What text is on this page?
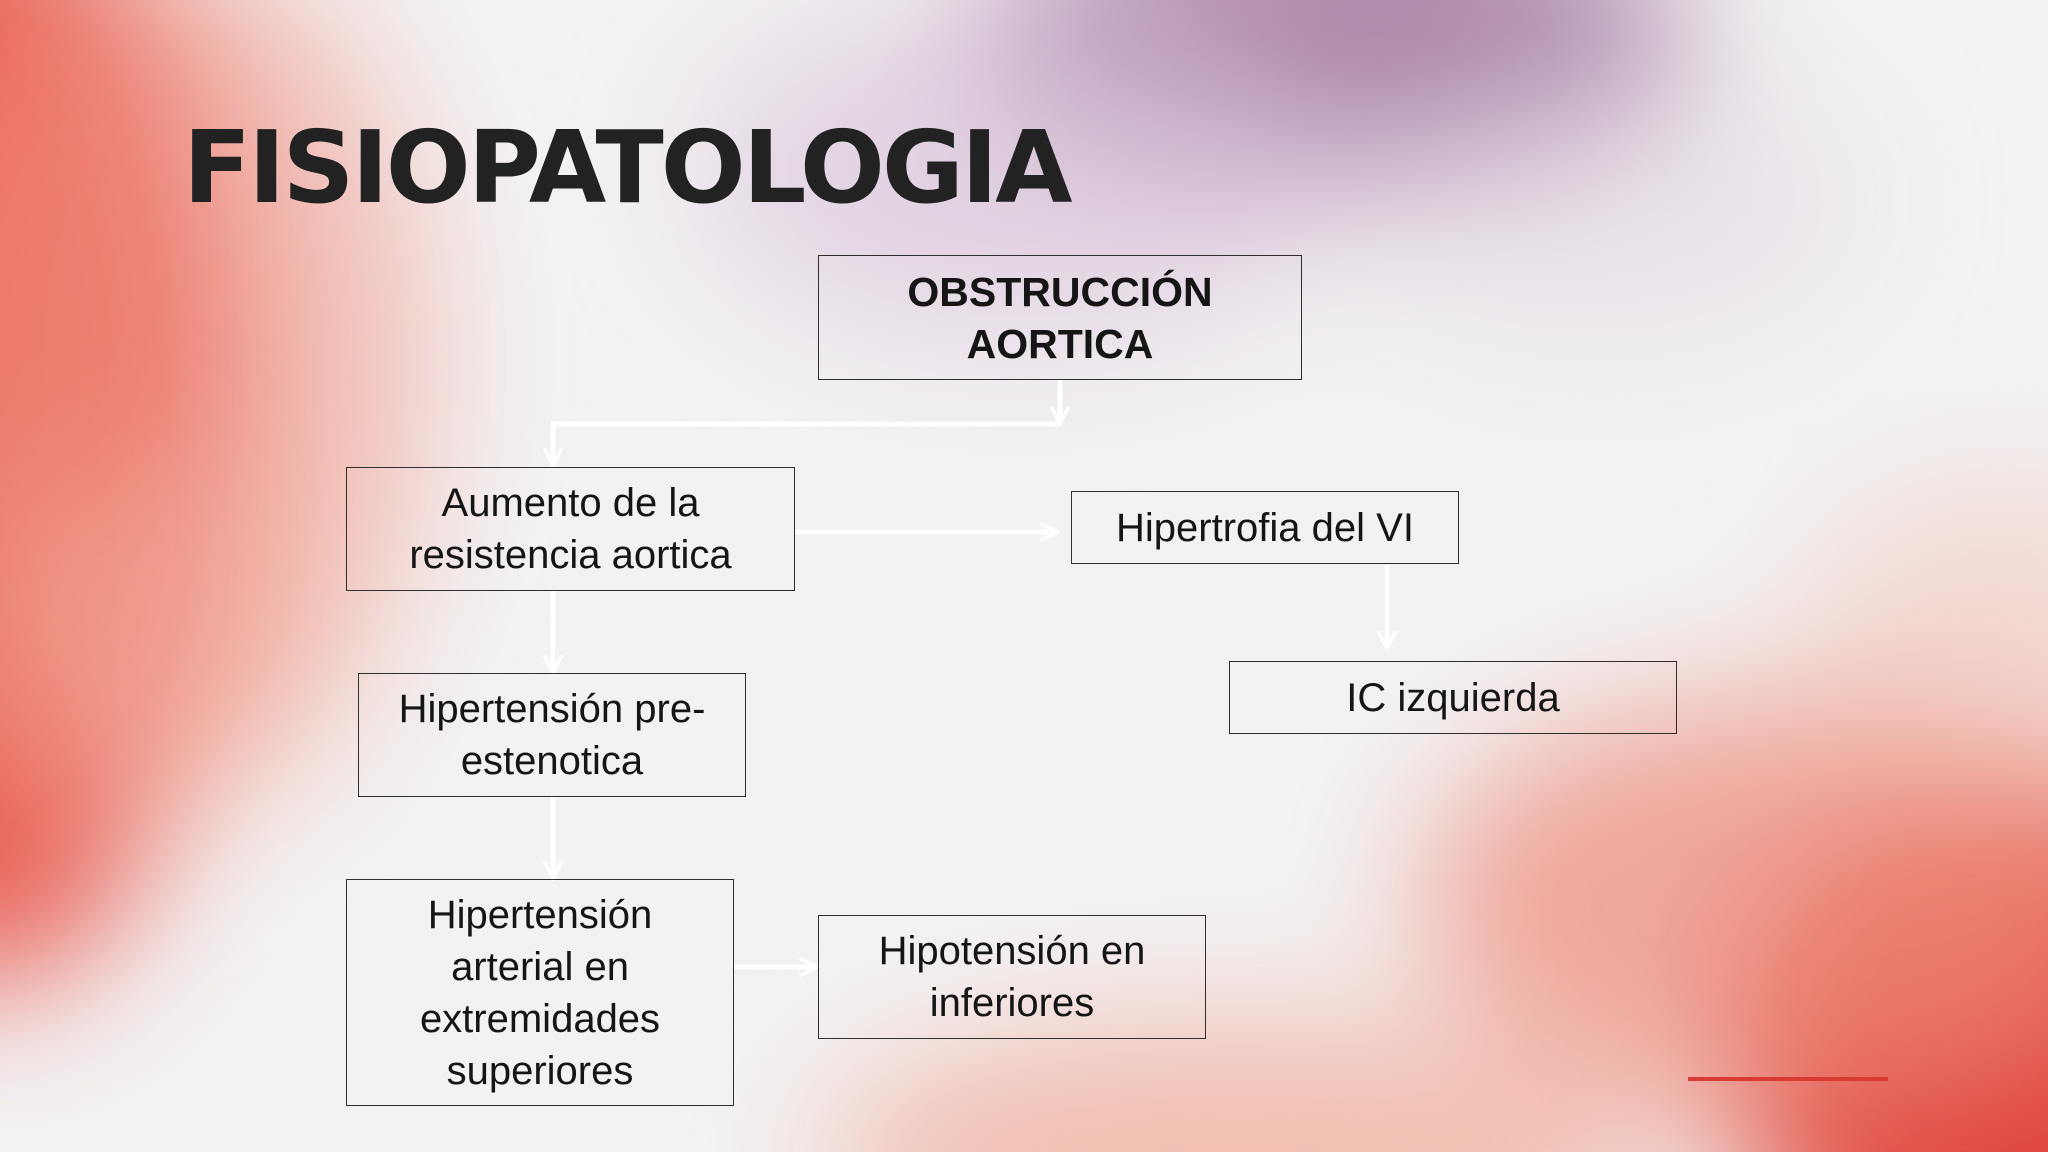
FISIOPATOLOGIA
OBSTRUCCIÓN
AORTICA
Aumento de la
resistencia aortica
Hipertrofia del VI
IC izquierda
Hipertensión pre-
estenotica
Hipertensión
arterial en
extremidades
superiores
Hipotensión en
inferiores
